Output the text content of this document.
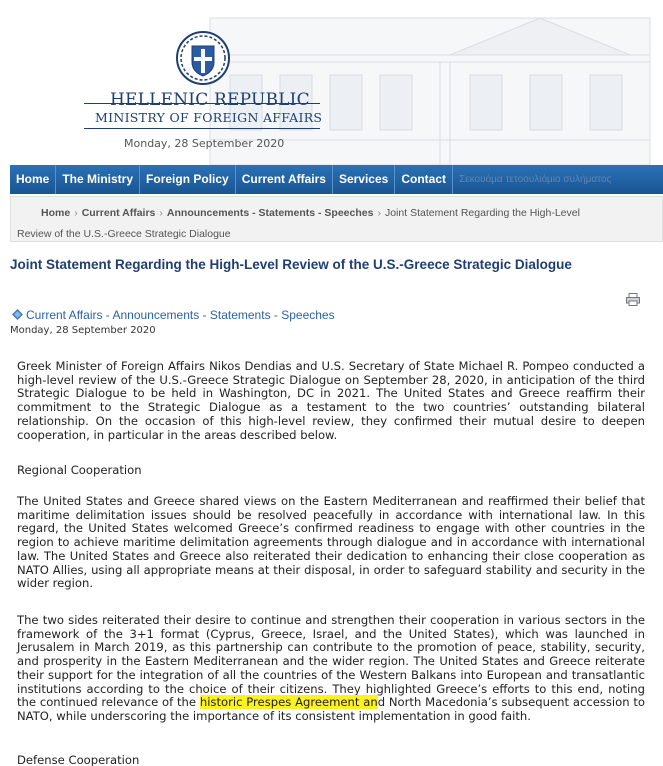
HELLENIC REPUBLIC
MINISTRY OF FOREIGN AFFAIRS
Monday, 28 September 2020
Home	The Ministry	Foreign Policy	Current Affairs	Services	Contact	Σεκουόμα τετοουλιόμιο συλήματος
Home › Current Affairs › Announcements - Statements - Speeches › Joint Statement Regarding the High-Level
Review of the U.S.-Greece Strategic Dialogue
Joint Statement Regarding the High-Level Review of the U.S.-Greece Strategic Dialogue
Current Affairs - Announcements - Statements - Speeches
Monday, 28 September 2020

Greek Minister of Foreign Affairs Nikos Dendias and U.S. Secretary of State Michael R. Pompeo conducted a high-level review of the U.S.-Greece Strategic Dialogue on September 28, 2020, in anticipation of the third Strategic Dialogue to be held in Washington, DC in 2021. The United States and Greece reaffirm their commitment to the Strategic Dialogue as a testament to the two countries’ outstanding bilateral relationship. On the occasion of this high-level review, they confirmed their mutual desire to deepen cooperation, in particular in the areas described below.

Regional Cooperation

The United States and Greece shared views on the Eastern Mediterranean and reaffirmed their belief that maritime delimitation issues should be resolved peacefully in accordance with international law. In this regard, the United States welcomed Greece’s confirmed readiness to engage with other countries in the region to achieve maritime delimitation agreements through dialogue and in accordance with international law. The United States and Greece also reiterated their dedication to enhancing their close cooperation as NATO Allies, using all appropriate means at their disposal, in order to safeguard stability and security in the wider region.

The two sides reiterated their desire to continue and strengthen their cooperation in various sectors in the framework of the 3+1 format (Cyprus, Greece, Israel, and the United States), which was launched in Jerusalem in March 2019, as this partnership can contribute to the promotion of peace, stability, security, and prosperity in the Eastern Mediterranean and the wider region. The United States and Greece reiterate their support for the integration of all the countries of the Western Balkans into European and transatlantic institutions according to the choice of their citizens. They highlighted Greece’s efforts to this end, noting the continued relevance of the historic Prespes Agreement and North Macedonia’s subsequent accession to NATO, while underscoring the importance of its consistent implementation in good faith.

Defense Cooperation
